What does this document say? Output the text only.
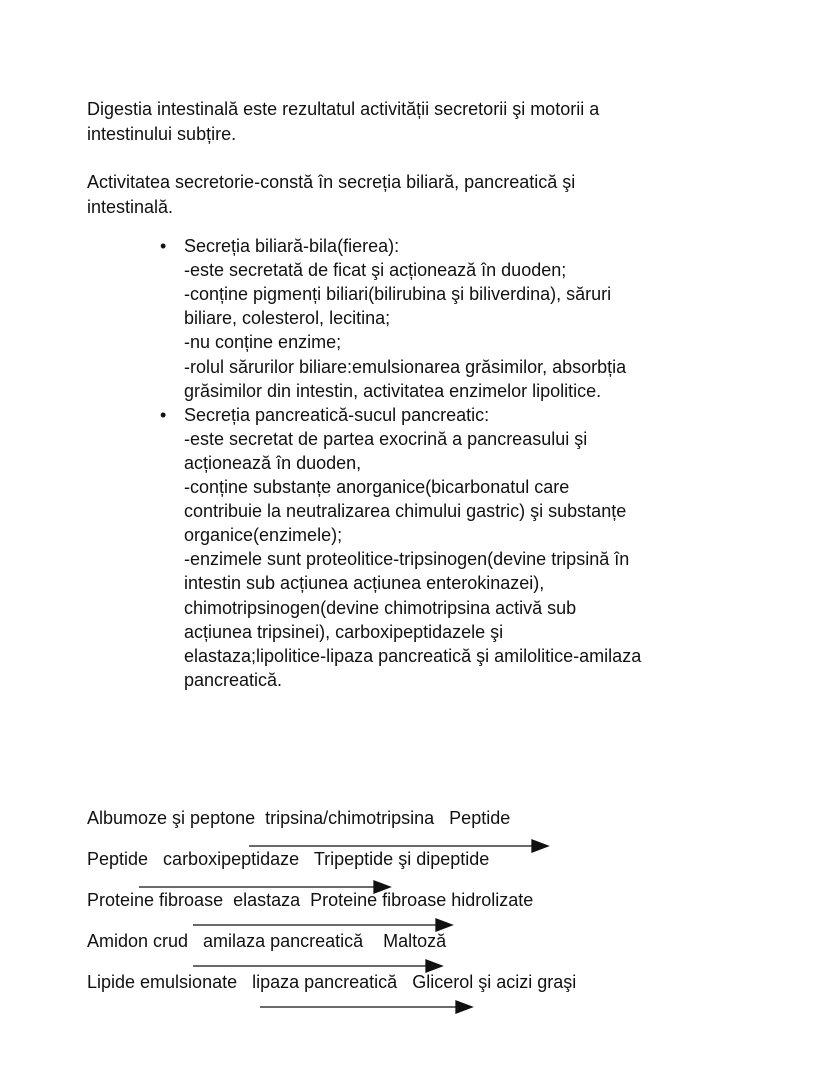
Digestia intestinală este rezultatul activității secretorii şi motorii a
intestinului subțire.
Activitatea secretorie-constă în secreția biliară, pancreatică şi
intestinală.
• Secreția biliară-bila(fierea):
-este secretată de ficat şi acționează în duoden;
-conține pigmenți biliari(bilirubina şi biliverdina), săruri
biliare, colesterol, lecitina;
-nu conține enzime;
-rolul sărurilor biliare:emulsionarea grăsimilor, absorbția
grăsimilor din intestin, activitatea enzimelor lipolitice.
• Secreția pancreatică-sucul pancreatic:
-este secretat de partea exocrină a pancreasului şi
acționează în duoden,
-conține substanțe anorganice(bicarbonatul care
contribuie la neutralizarea chimului gastric) şi substanțe
organice(enzimele);
-enzimele sunt proteolitice-tripsinogen(devine tripsină în
intestin sub acțiunea acțiunea enterokinazei),
chimotripsinogen(devine chimotripsina activă sub
acțiunea tripsinei), carboxipeptidazele şi
elastaza;lipolitice-lipaza pancreatică şi amilolitice-amilaza
pancreatică.
Albumoze şi peptone  tripsina/chimotripsina   Peptide
Peptide   carboxipeptidaze   Tripeptide şi dipeptide
Proteine fibroase  elastaza  Proteine fibroase hidrolizate
Amidon crud   amilaza pancreatică    Maltoză
Lipide emulsionate   lipaza pancreatică   Glicerol şi acizi graşi
